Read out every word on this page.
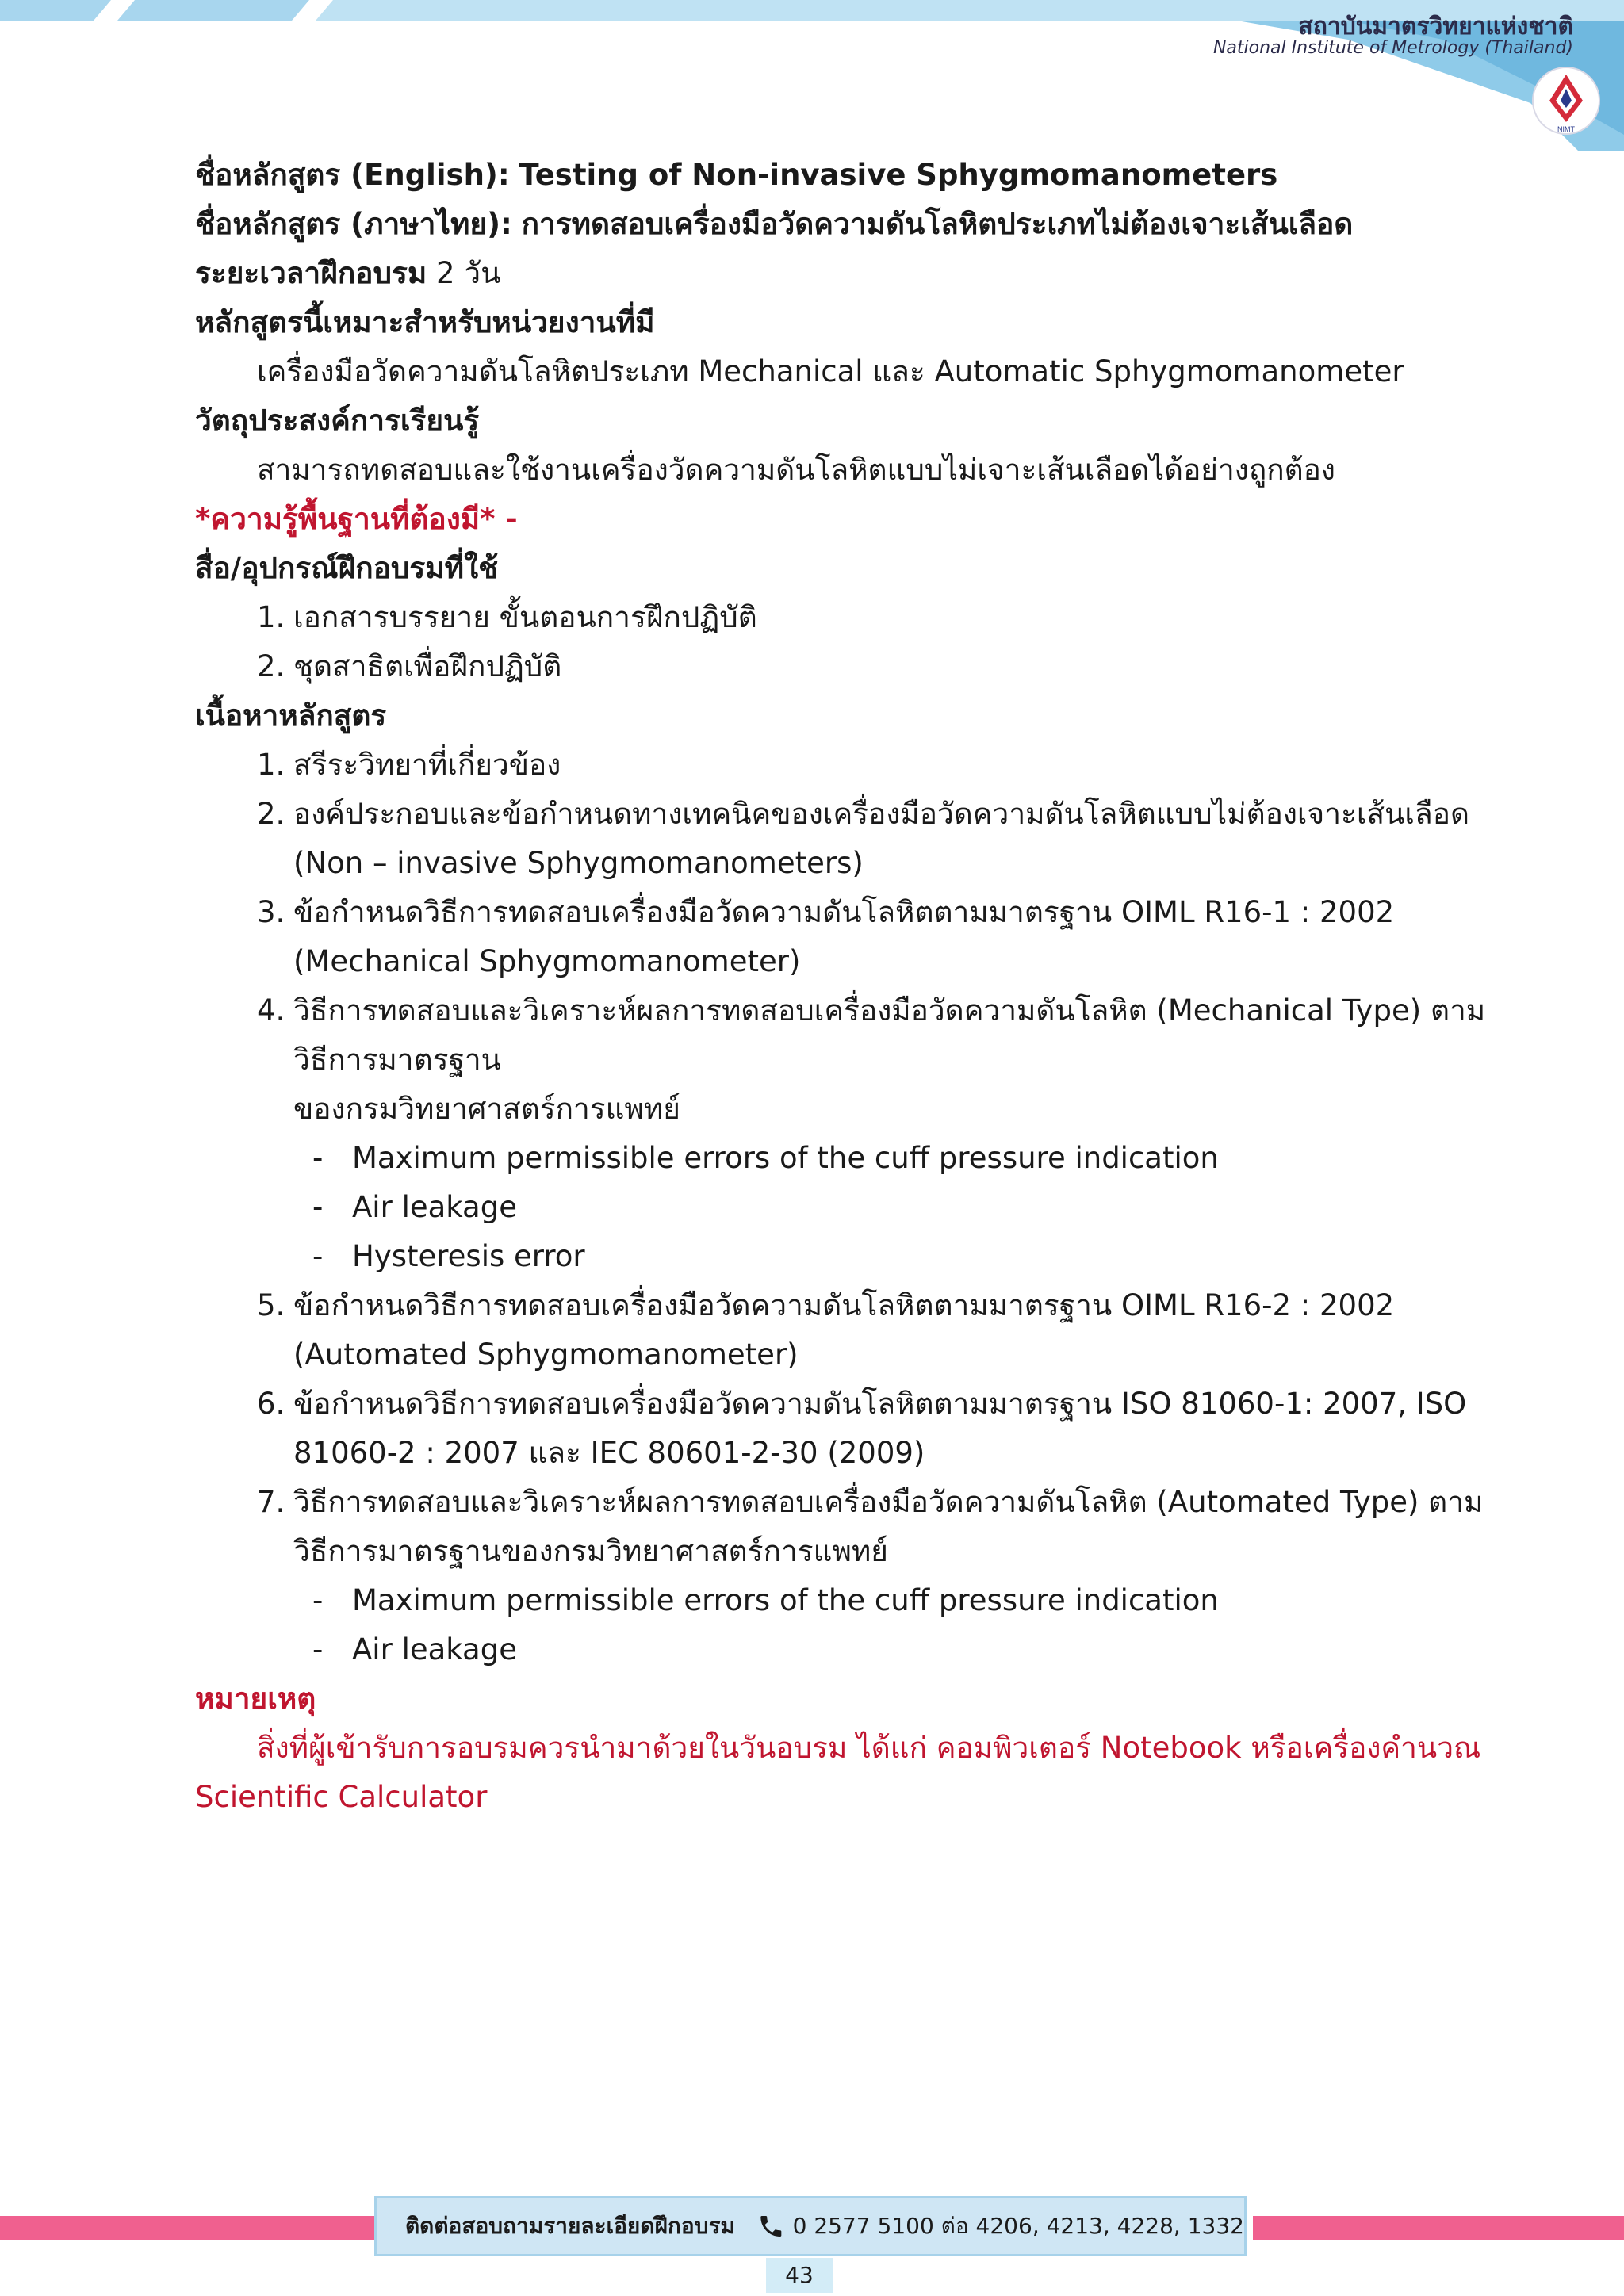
สถาบันมาตรวิทยาแห่งชาติ
National Institute of Metrology (Thailand)
NIMT
ชื่อหลักสูตร (English): Testing of Non-invasive Sphygmomanometers
ชื่อหลักสูตร (ภาษาไทย): การทดสอบเครื่องมือวัดความดันโลหิตประเภทไม่ต้องเจาะเส้นเลือด
ระยะเวลาฝึกอบรม 2 วัน
หลักสูตรนี้เหมาะสำหรับหน่วยงานที่มี
เครื่องมือวัดความดันโลหิตประเภท Mechanical และ Automatic Sphygmomanometer
วัตถุประสงค์การเรียนรู้
สามารถทดสอบและใช้งานเครื่องวัดความดันโลหิตแบบไม่เจาะเส้นเลือดได้อย่างถูกต้อง
*ความรู้พื้นฐานที่ต้องมี* -
สื่อ/อุปกรณ์ฝึกอบรมที่ใช้
1. เอกสารบรรยาย ขั้นตอนการฝึกปฏิบัติ
2. ชุดสาธิตเพื่อฝึกปฏิบัติ
เนื้อหาหลักสูตร
1. สรีระวิทยาที่เกี่ยวข้อง
2. องค์ประกอบและข้อกำหนดทางเทคนิคของเครื่องมือวัดความดันโลหิตแบบไม่ต้องเจาะเส้นเลือด
(Non – invasive Sphygmomanometers)
3. ข้อกำหนดวิธีการทดสอบเครื่องมือวัดความดันโลหิตตามมาตรฐาน OIML R16-1 : 2002
(Mechanical Sphygmomanometer)
4. วิธีการทดสอบและวิเคราะห์ผลการทดสอบเครื่องมือวัดความดันโลหิต (Mechanical Type) ตาม
วิธีการมาตรฐาน
ของกรมวิทยาศาสตร์การแพทย์
- Maximum permissible errors of the cuff pressure indication
- Air leakage
- Hysteresis error
5. ข้อกำหนดวิธีการทดสอบเครื่องมือวัดความดันโลหิตตามมาตรฐาน OIML R16-2 : 2002
(Automated Sphygmomanometer)
6. ข้อกำหนดวิธีการทดสอบเครื่องมือวัดความดันโลหิตตามมาตรฐาน ISO 81060-1: 2007, ISO
81060-2 : 2007 และ IEC 80601-2-30 (2009)
7. วิธีการทดสอบและวิเคราะห์ผลการทดสอบเครื่องมือวัดความดันโลหิต (Automated Type) ตาม
วิธีการมาตรฐานของกรมวิทยาศาสตร์การแพทย์
- Maximum permissible errors of the cuff pressure indication
- Air leakage
หมายเหตุ
สิ่งที่ผู้เข้ารับการอบรมควรนำมาด้วยในวันอบรม ได้แก่ คอมพิวเตอร์ Notebook หรือเครื่องคำนวณ
Scientific Calculator
ติดต่อสอบถามรายละเอียดฝึกอบรม	0 2577 5100 ต่อ 4206, 4213, 4228, 1332
43
